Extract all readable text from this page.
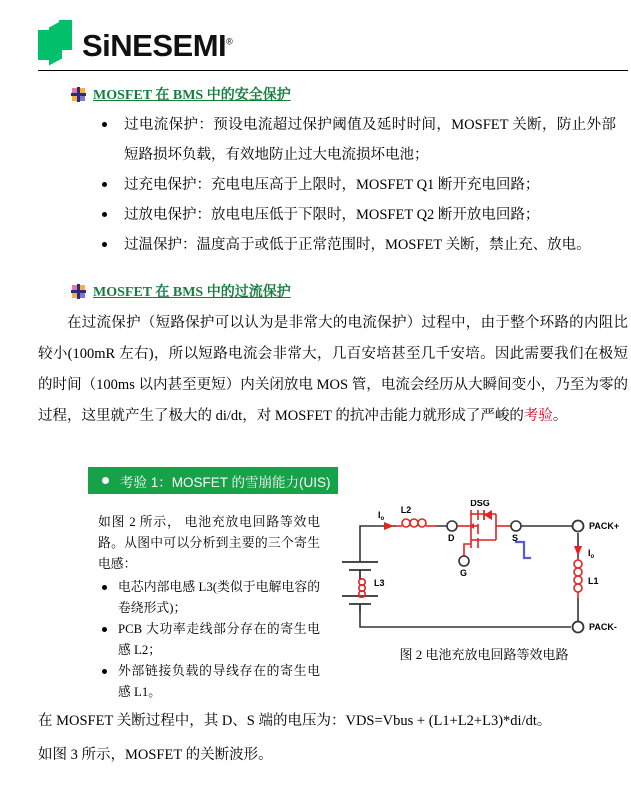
SiNESEMI®
MOSFET 在 BMS 中的安全保护
过电流保护：预设电流超过保护阈值及延时时间，MOSFET 关断，防止外部短路损坏负载，有效地防止过大电流损坏电池；
过充电保护：充电电压高于上限时，MOSFET Q1 断开充电回路；
过放电保护：放电电压低于下限时，MOSFET Q2 断开放电回路；
过温保护：温度高于或低于正常范围时，MOSFET 关断，禁止充、放电。
MOSFET 在 BMS 中的过流保护
在过流保护（短路保护可以认为是非常大的电流保护）过程中，由于整个环路的内阻比较小(100mR 左右)，所以短路电流会非常大，几百安培甚至几千安培。因此需要我们在极短的时间（100ms 以内甚至更短）内关闭放电 MOS 管，电流会经历从大瞬间变小，乃至为零的过程，这里就产生了极大的 di/dt，对 MOSFET 的抗冲击能力就形成了严峻的考验。
考验 1：MOSFET 的雪崩能力(UIS)

如图 2 所示， 电池充放电回路等效电路。从图中可以分析到主要的三个寄生电感：

电芯内部电感 L3(类似于电解电容的卷绕形式)；
PCB 大功率走线部分存在的寄生电感 L2；
外部链接负载的导线存在的寄生电感 L1。
L2
L3	L1
DSG
D	S
G
PACK+
PACK-
$I_o$
$I_o$
图 2 电池充放电回路等效电路
在 MOSFET 关断过程中，其 D、S 端的电压为：VDS=Vbus + (L1+L2+L3)*di/dt。
如图 3 所示，MOSFET 的关断波形。
